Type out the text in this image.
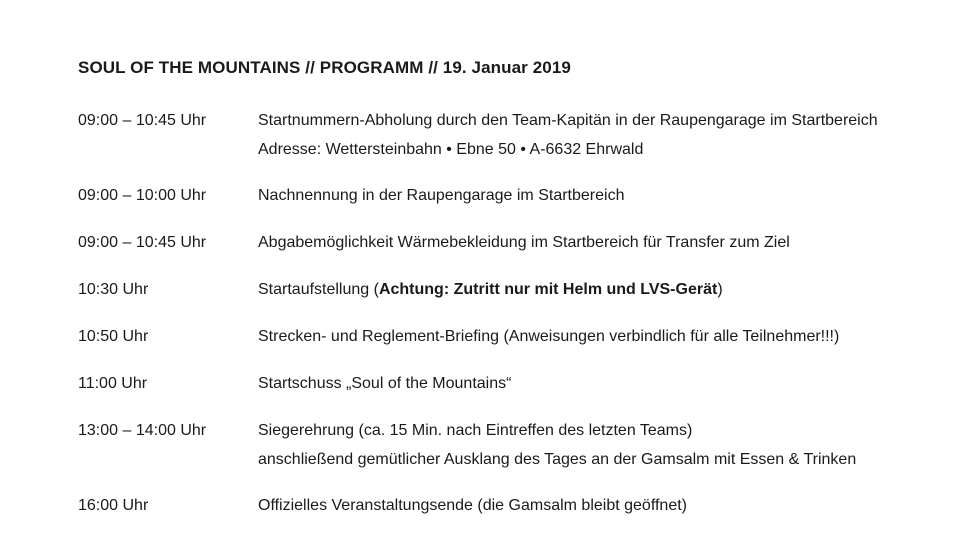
SOUL OF THE MOUNTAINS // PROGRAMM // 19. Januar 2019
09:00 – 10:45 Uhr	Startnummern-Abholung durch den Team-Kapitän in der Raupengarage im Startbereich
Adresse: Wettersteinbahn • Ebne 50 • A-6632 Ehrwald
09:00 – 10:00 Uhr	Nachnennung in der Raupengarage im Startbereich
09:00 – 10:45 Uhr	Abgabemöglichkeit Wärmebekleidung im Startbereich für Transfer zum Ziel
10:30 Uhr	Startaufstellung (Achtung: Zutritt nur mit Helm und LVS-Gerät)
10:50 Uhr	Strecken- und Reglement-Briefing (Anweisungen verbindlich für alle Teilnehmer!!!)
11:00 Uhr	Startschuss „Soul of the Mountains“
13:00 – 14:00 Uhr	Siegerehrung (ca. 15 Min. nach Eintreffen des letzten Teams)
anschließend gemütlicher Ausklang des Tages an der Gamsalm mit Essen & Trinken
16:00 Uhr	Offizielles Veranstaltungsende (die Gamsalm bleibt geöffnet)
